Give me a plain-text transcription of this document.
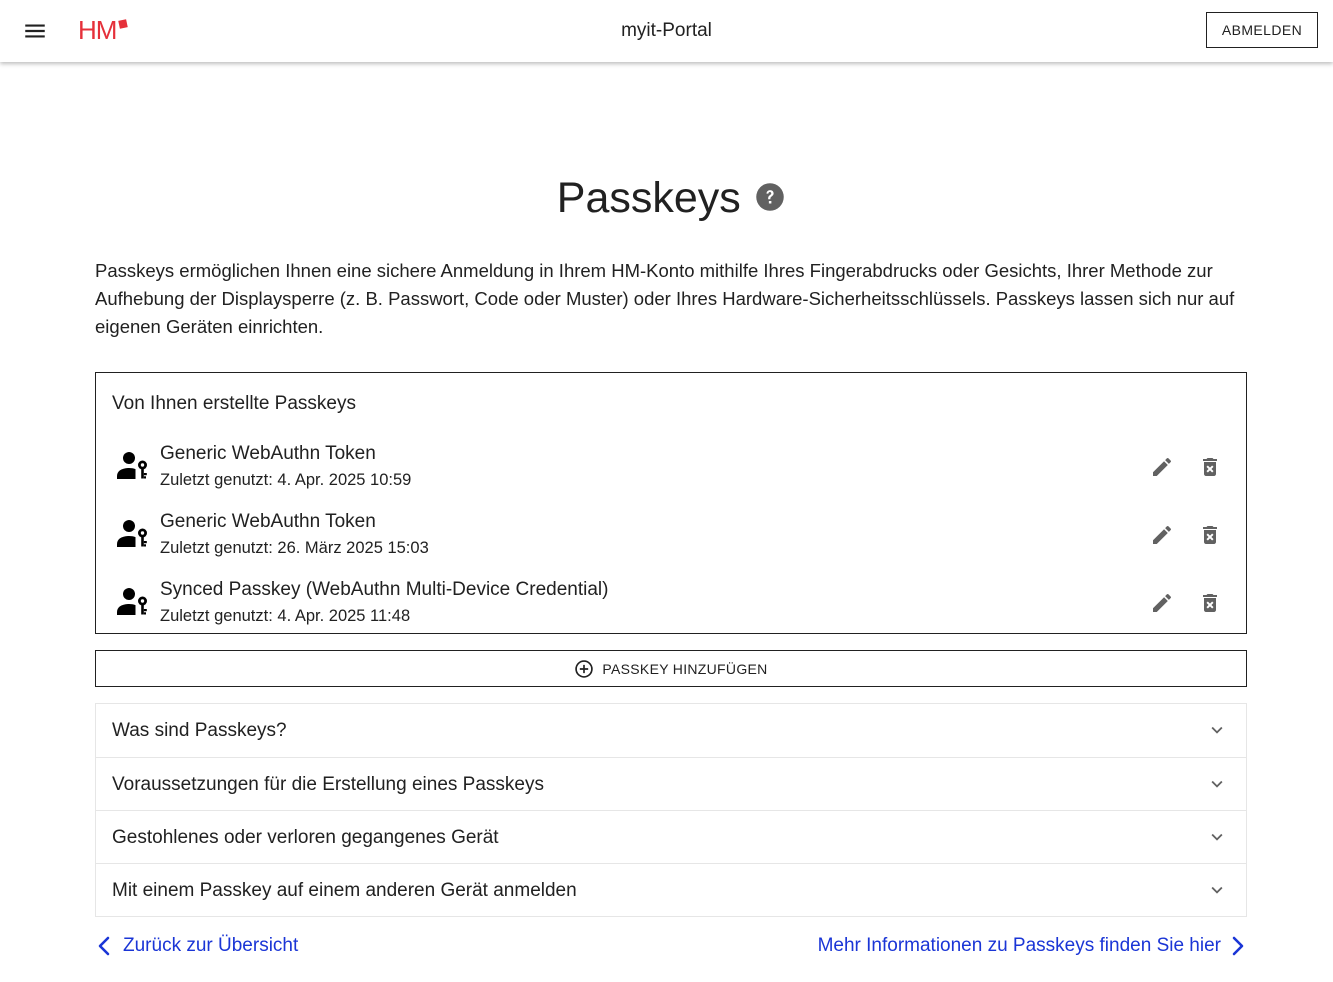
HM	myit-Portal	ABMELDEN
Passkeys

Passkeys ermöglichen Ihnen eine sichere Anmeldung in Ihrem HM-Konto mithilfe Ihres Fingerabdrucks oder Gesichts, Ihrer Methode zur Aufhebung der Displaysperre (z. B. Passwort, Code oder Muster) oder Ihres Hardware-Sicherheitsschlüssels. Passkeys lassen sich nur auf eigenen Geräten einrichten.

Von Ihnen erstellte Passkeys
Generic WebAuthn Token
Zuletzt genutzt: 4. Apr. 2025 10:59
Generic WebAuthn Token
Zuletzt genutzt: 26. März 2025 15:03
Synced Passkey (WebAuthn Multi-Device Credential)
Zuletzt genutzt: 4. Apr. 2025 11:48
PASSKEY HINZUFÜGEN
Was sind Passkeys?
Voraussetzungen für die Erstellung eines Passkeys
Gestohlenes oder verloren gegangenes Gerät
Mit einem Passkey auf einem anderen Gerät anmelden
Zurück zur Übersicht	Mehr Informationen zu Passkeys finden Sie hier
